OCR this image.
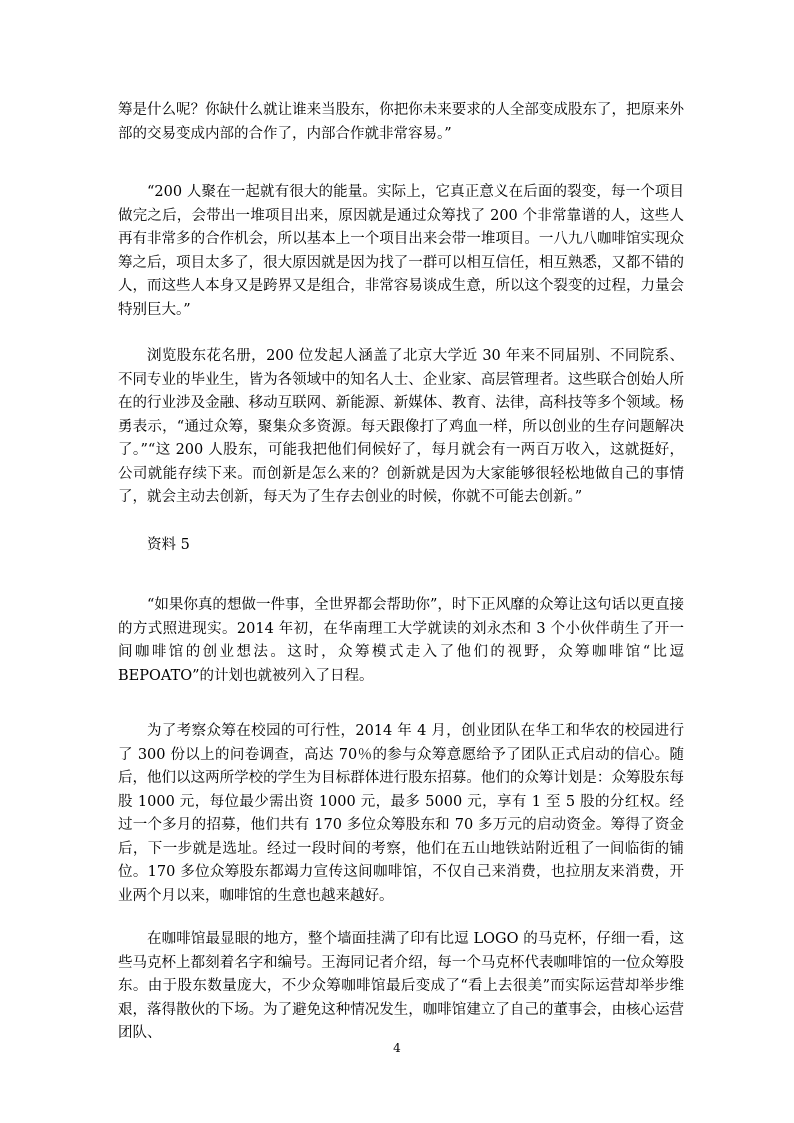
筹是什么呢？你缺什么就让谁来当股东，你把你未来要求的人全部变成股东了，把原来外部的交易变成内部的合作了，内部合作就非常容易。”

“200 人聚在一起就有很大的能量。实际上，它真正意义在后面的裂变，每一个项目做完之后，会带出一堆项目出来，原因就是通过众筹找了 200 个非常靠谱的人，这些人再有非常多的合作机会，所以基本上一个项目出来会带一堆项目。一八九八咖啡馆实现众筹之后，项目太多了，很大原因就是因为找了一群可以相互信任，相互熟悉，又都不错的人，而这些人本身又是跨界又是组合，非常容易谈成生意，所以这个裂变的过程，力量会特别巨大。”

浏览股东花名册，200 位发起人涵盖了北京大学近 30 年来不同届别、不同院系、不同专业的毕业生，皆为各领域中的知名人士、企业家、高层管理者。这些联合创始人所在的行业涉及金融、移动互联网、新能源、新媒体、教育、法律，高科技等多个领域。杨勇表示，“通过众筹，聚集众多资源。每天跟像打了鸡血一样，所以创业的生存问题解决了。”“这 200 人股东，可能我把他们伺候好了，每月就会有一两百万收入，这就挺好，公司就能存续下来。而创新是怎么来的？创新就是因为大家能够很轻松地做自己的事情了，就会主动去创新，每天为了生存去创业的时候，你就不可能去创新。”

资料 5

“如果你真的想做一件事，全世界都会帮助你”，时下正风靡的众筹让这句话以更直接的方式照进现实。2014 年初，在华南理工大学就读的刘永杰和 3 个小伙伴萌生了开一间咖啡馆的创业想法。这时，众筹模式走入了他们的视野，众筹咖啡馆“比逗 BEPOATO”的计划也就被列入了日程。

为了考察众筹在校园的可行性，2014 年 4 月，创业团队在华工和华农的校园进行了 300 份以上的问卷调查，高达 70％的参与众筹意愿给予了团队正式启动的信心。随后，他们以这两所学校的学生为目标群体进行股东招募。他们的众筹计划是：众筹股东每股 1000 元，每位最少需出资 1000 元，最多 5000 元，享有 1 至 5 股的分红权。经过一个多月的招募，他们共有 170 多位众筹股东和 70 多万元的启动资金。筹得了资金后，下一步就是选址。经过一段时间的考察，他们在五山地铁站附近租了一间临街的铺位。170 多位众筹股东都竭力宣传这间咖啡馆，不仅自己来消费，也拉朋友来消费，开业两个月以来，咖啡馆的生意也越来越好。

在咖啡馆最显眼的地方，整个墙面挂满了印有比逗 LOGO 的马克杯，仔细一看，这些马克杯上都刻着名字和编号。王海同记者介绍，每一个马克杯代表咖啡馆的一位众筹股东。由于股东数量庞大，不少众筹咖啡馆最后变成了“看上去很美”而实际运营却举步维艰，落得散伙的下场。为了避免这种情况发生，咖啡馆建立了自己的董事会，由核心运营团队、

4
